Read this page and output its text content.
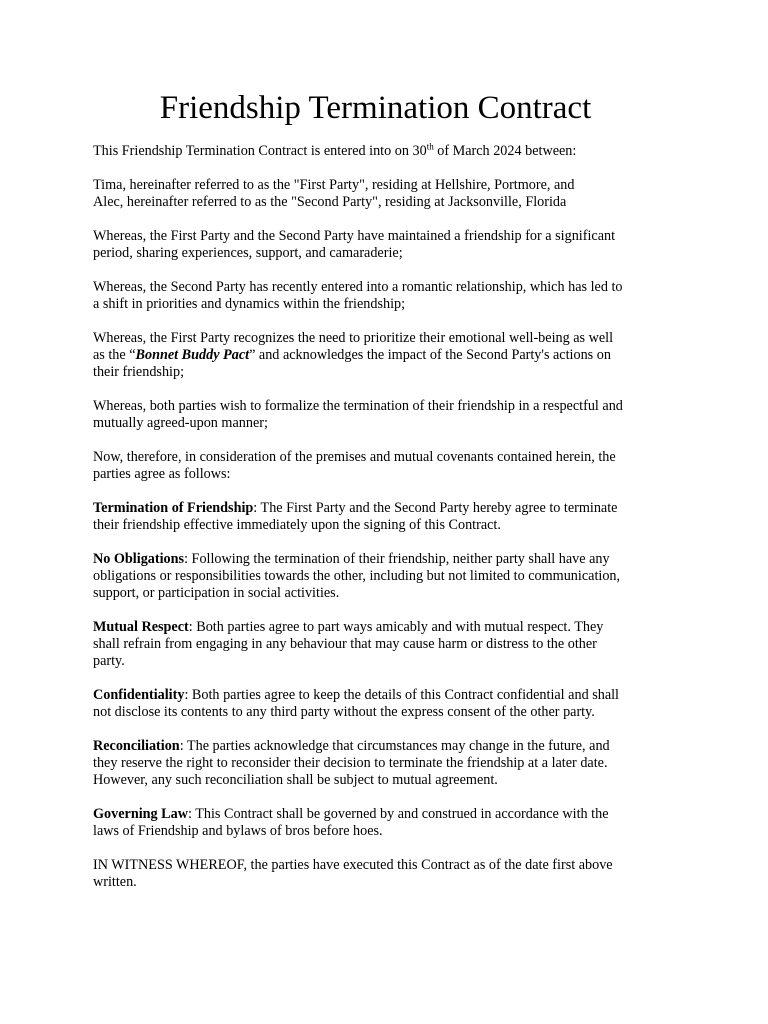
Friendship Termination Contract

This Friendship Termination Contract is entered into on 30th of March 2024 between:

Tima, hereinafter referred to as the "First Party", residing at Hellshire, Portmore, and
Alec, hereinafter referred to as the "Second Party", residing at Jacksonville, Florida

Whereas, the First Party and the Second Party have maintained a friendship for a significant
period, sharing experiences, support, and camaraderie;

Whereas, the Second Party has recently entered into a romantic relationship, which has led to
a shift in priorities and dynamics within the friendship;

Whereas, the First Party recognizes the need to prioritize their emotional well-being as well
as the “Bonnet Buddy Pact” and acknowledges the impact of the Second Party's actions on
their friendship;

Whereas, both parties wish to formalize the termination of their friendship in a respectful and
mutually agreed-upon manner;

Now, therefore, in consideration of the premises and mutual covenants contained herein, the
parties agree as follows:

Termination of Friendship: The First Party and the Second Party hereby agree to terminate
their friendship effective immediately upon the signing of this Contract.

No Obligations: Following the termination of their friendship, neither party shall have any
obligations or responsibilities towards the other, including but not limited to communication,
support, or participation in social activities.

Mutual Respect: Both parties agree to part ways amicably and with mutual respect. They
shall refrain from engaging in any behaviour that may cause harm or distress to the other
party.

Confidentiality: Both parties agree to keep the details of this Contract confidential and shall
not disclose its contents to any third party without the express consent of the other party.

Reconciliation: The parties acknowledge that circumstances may change in the future, and
they reserve the right to reconsider their decision to terminate the friendship at a later date.
However, any such reconciliation shall be subject to mutual agreement.

Governing Law: This Contract shall be governed by and construed in accordance with the
laws of Friendship and bylaws of bros before hoes.

IN WITNESS WHEREOF, the parties have executed this Contract as of the date first above
written.
